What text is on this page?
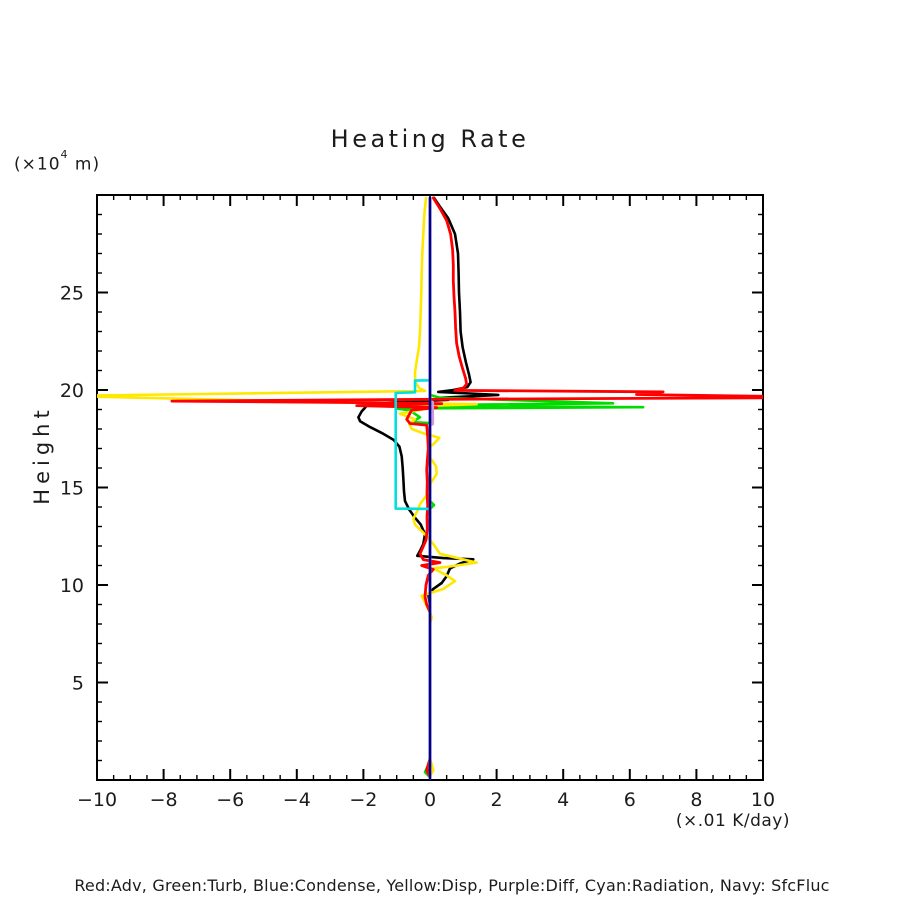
Heating Rate
($\times 10^4$ m)
Height
−10 −8 −6 −4 −2 0	2	4	6	8	10
5
10
15
20
25
(×.01 K/day)
Red:Adv, Green:Turb, Blue:Condense, Yellow:Disp, Purple:Diff, Cyan:Radiation, Navy: SfcFluc
